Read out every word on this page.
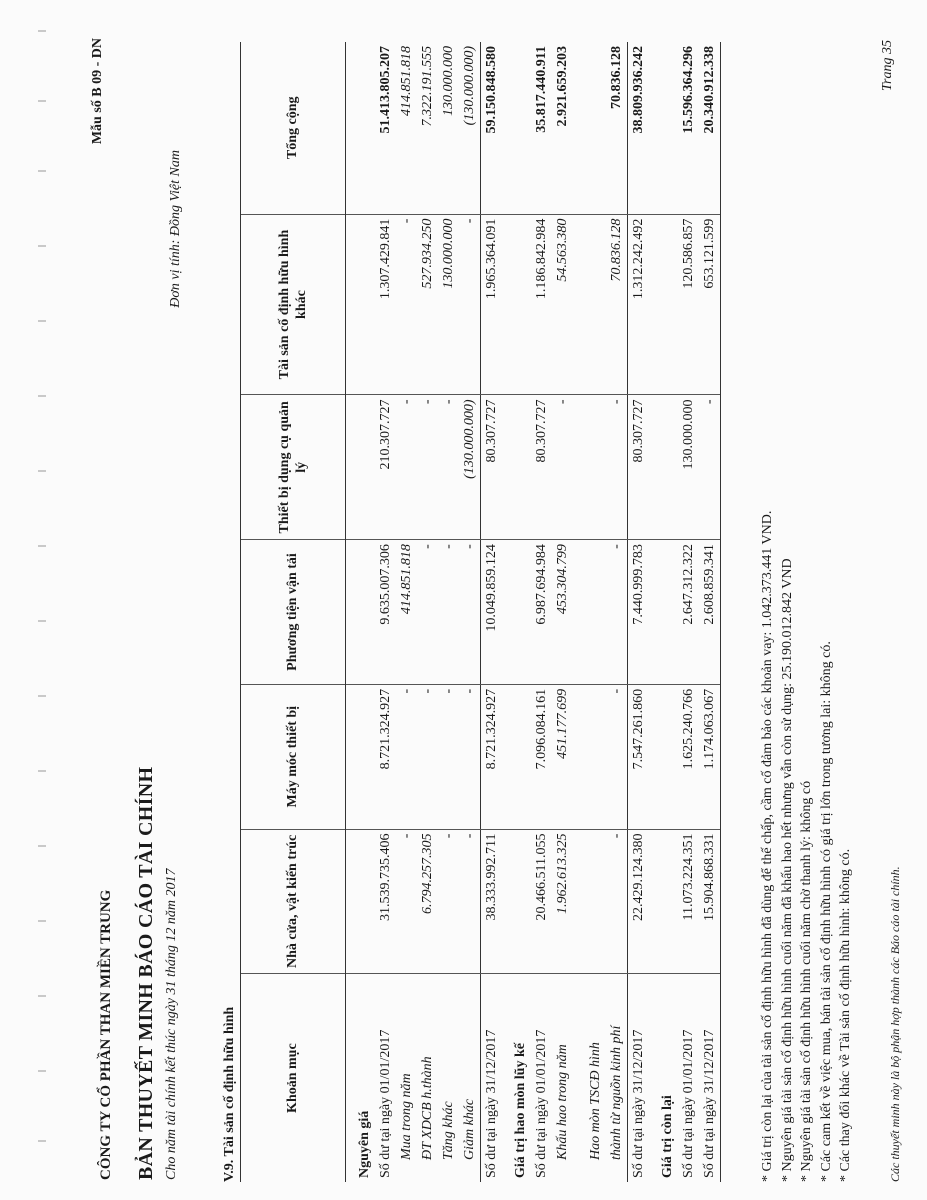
CÔNG TY CỔ PHẦN THAN MIỀN TRUNG
Mẫu số B 09 - DN
BẢN THUYẾT MINH BÁO CÁO TÀI CHÍNH Cho năm tài chính kết thúc ngày 31 tháng 12 năm 2017
Đơn vị tính: Đồng Việt Nam
V.9. Tài sản cố định hữu hình	Khoản mục	Nhà cửa, vật kiến trúc	Máy móc thiết bị	Phương tiện vận tải	Thiết bị dụng cụ quản lý	Tài sản cố định hữu hình khác	Tổng cộng
Nguyên giá						
Số dư tại ngày 01/01/2017	31.539.735.406	8.721.324.927	9.635.007.306	210.307.727	1.307.429.841	51.413.805.207
Mua trong năm	-	-	414.851.818	-	-	414.851.818
ĐT XDCB h.thành	6.794.257.305	-	-	-	527.934.250	7.322.191.555
Tăng khác	-	-	-	-	130.000.000	130.000.000
Giảm khác	-	-	-	(130.000.000)	-	(130.000.000)
Số dư tại ngày 31/12/2017	38.333.992.711	8.721.324.927	10.049.859.124	80.307.727	1.965.364.091	59.150.848.580
Giá trị hao mòn lũy kế						
Số dư tại ngày 01/01/2017	20.466.511.055	7.096.084.161	6.987.694.984	80.307.727	1.186.842.984	35.817.440.911
Khấu hao trong năm	1.962.613.325	451.177.699	453.304.799	-	54.563.380	2.921.659.203

Hao mòn TSCĐ hình						
thành từ nguồn kinh phí	-	-	-	-	70.836.128	70.836.128
Số dư tại ngày 31/12/2017	22.429.124.380	7.547.261.860	7.440.999.783	80.307.727	1.312.242.492	38.809.936.242
Giá trị còn lại						
Số dư tại ngày 01/01/2017	11.073.224.351	1.625.240.766	2.647.312.322	130.000.000	120.586.857	15.596.364.296
Số dư tại ngày 31/12/2017	15.904.868.331	1.174.063.067	2.608.859.341	-	653.121.599	20.340.912.338
* Giá trị còn lại của tài sản cố định hữu hình đã dùng để thế chấp, cầm cố đảm bảo các khoản vay: 1.042.373.441 VND. * Nguyên giá tài sản cố định hữu hình cuối năm đã khấu hao hết nhưng vẫn còn sử dụng: 25.190.012.842 VND * Nguyên giá tài sản cố định hữu hình cuối năm chờ thanh lý: không có * Các cam kết về việc mua, bán tài sản cố định hữu hình có giá trị lớn trong tương lai: không có. * Các thay đổi khác về Tài sản cố định hữu hình: không có.	Các thuyết minh này là bộ phận hợp thành các Báo cáo tài chính.
Trang 35
